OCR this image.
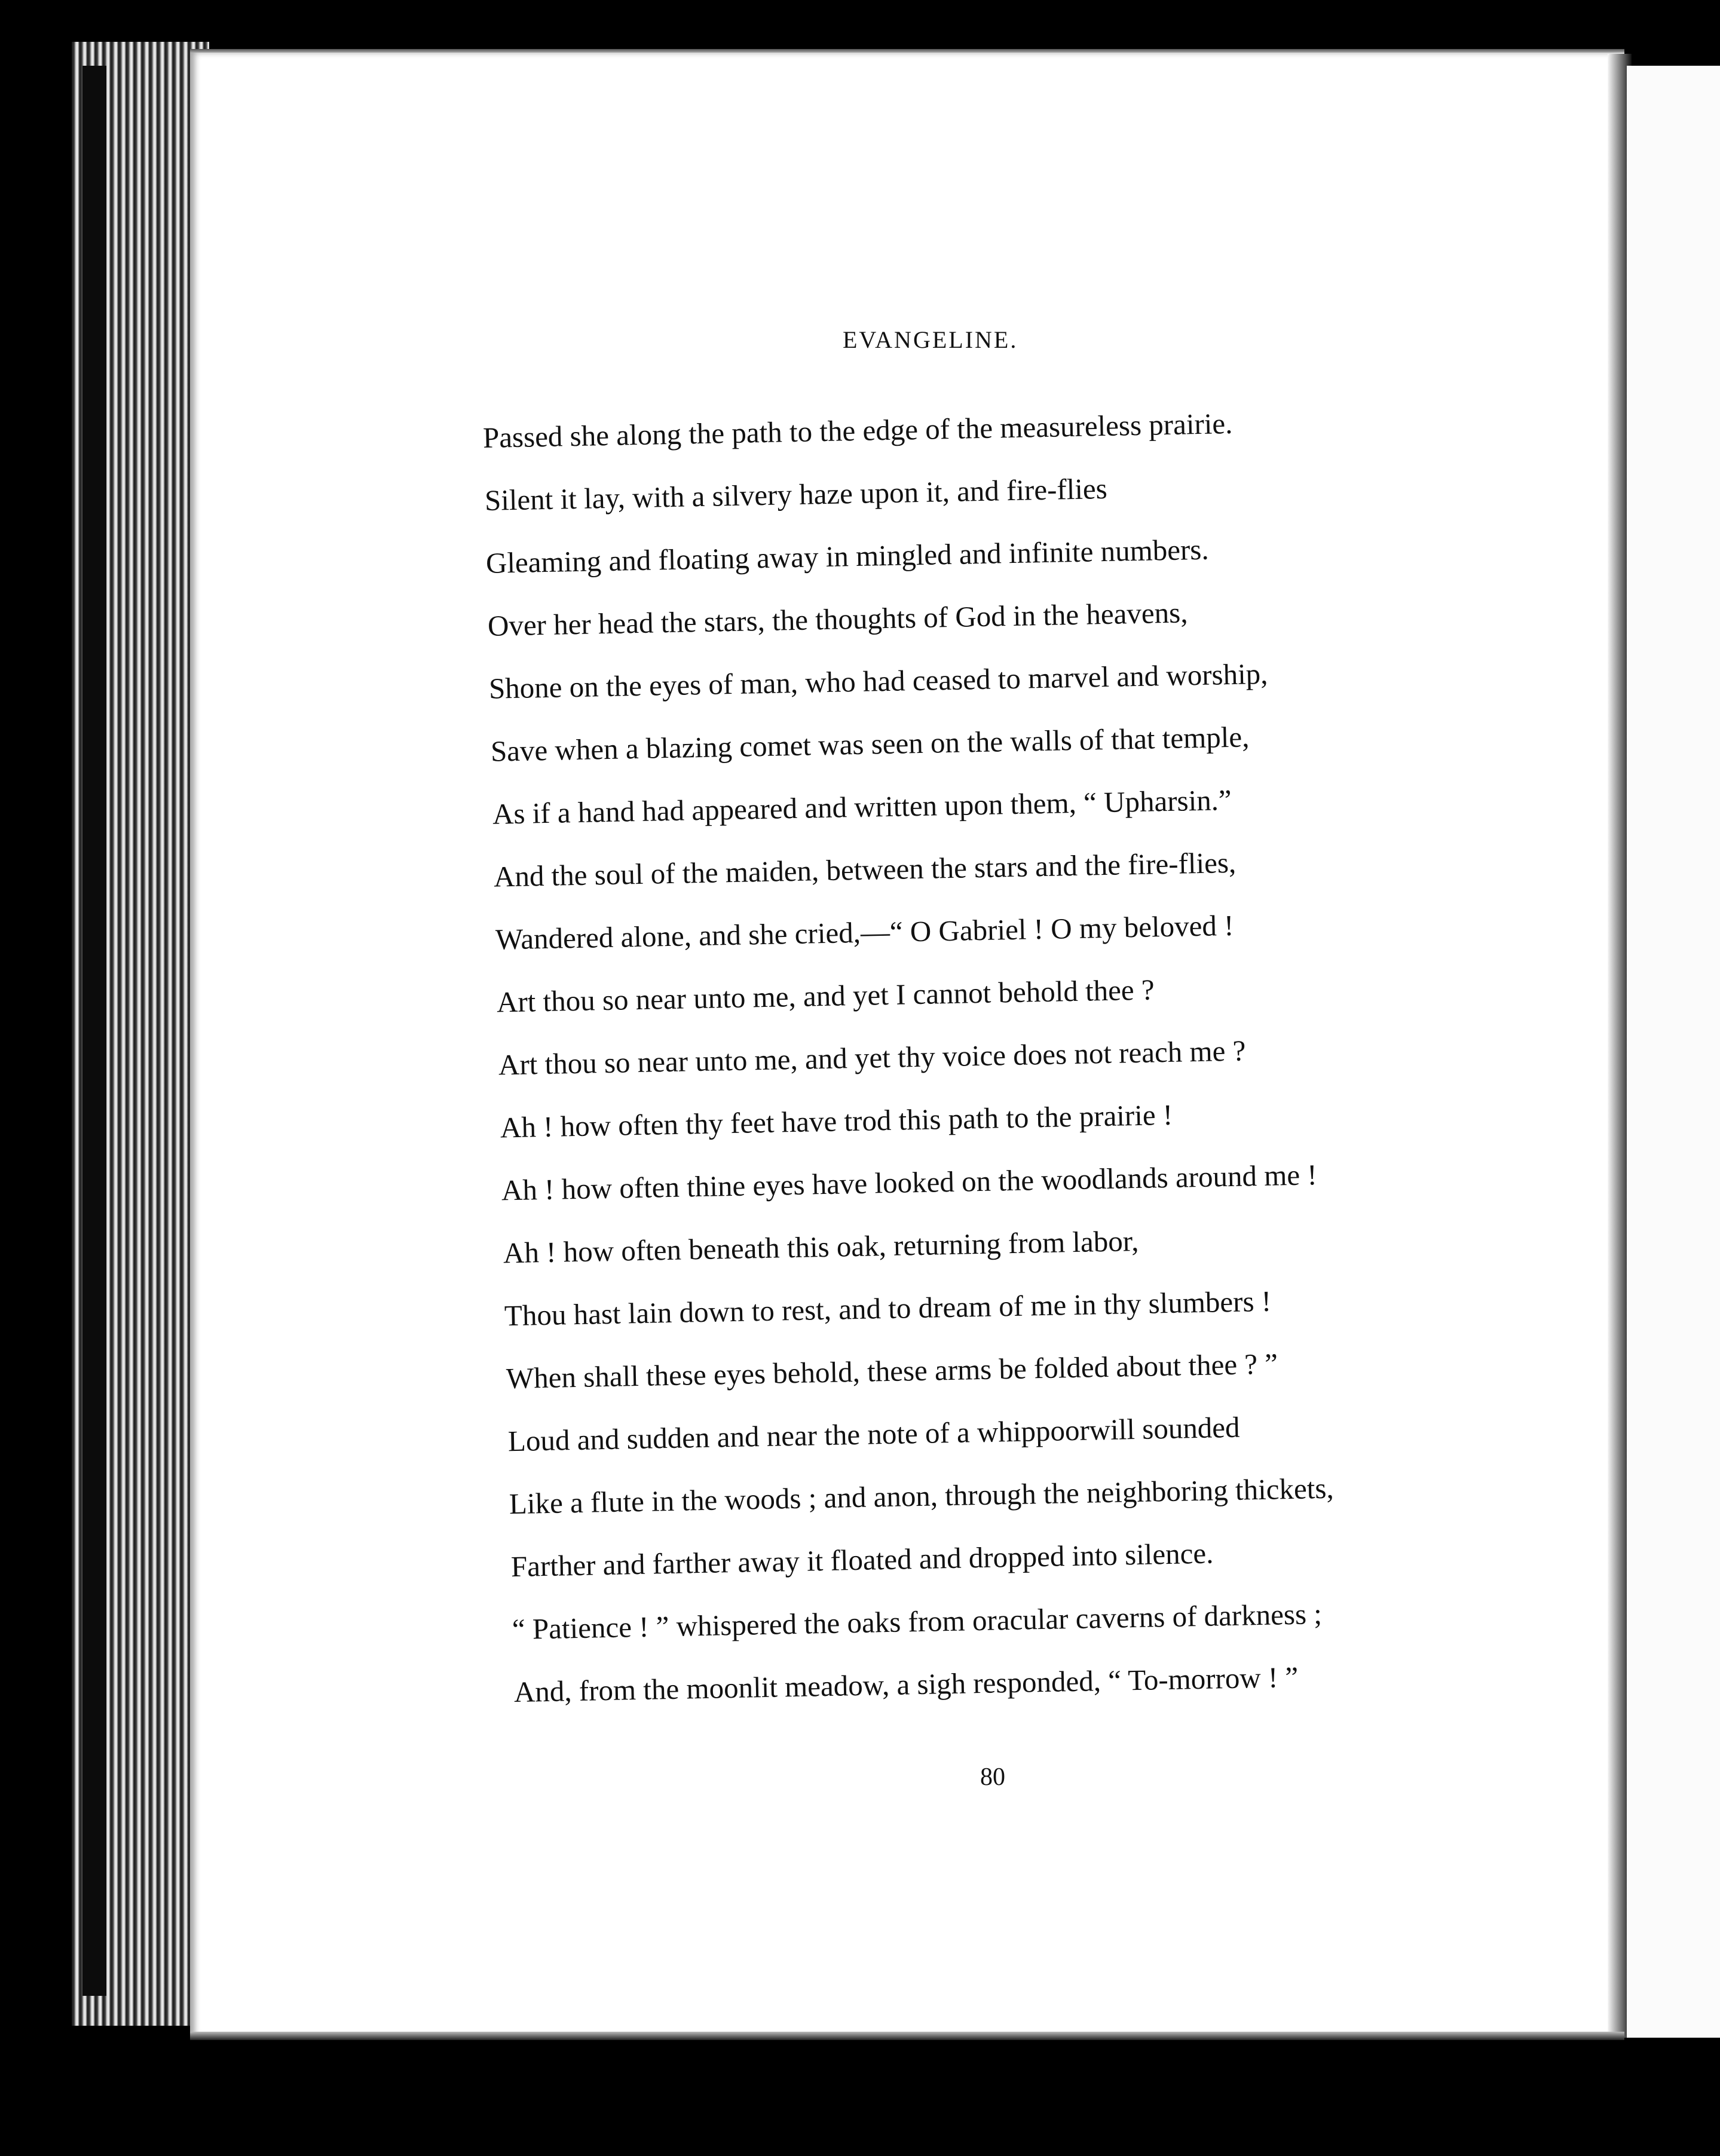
EVANGELINE.
Passed she along the path to the edge of the measureless prairie.
Silent it lay, with a silvery haze upon it, and fire-flies
Gleaming and floating away in mingled and infinite numbers.
Over her head the stars, the thoughts of God in the heavens,
Shone on the eyes of man, who had ceased to marvel and worship,
Save when a blazing comet was seen on the walls of that temple,
As if a hand had appeared and written upon them, “ Upharsin.”
And the soul of the maiden, between the stars and the fire-flies,
Wandered alone, and she cried,—“ O Gabriel ! O my beloved !
Art thou so near unto me, and yet I cannot behold thee ?
Art thou so near unto me, and yet thy voice does not reach me ?
Ah ! how often thy feet have trod this path to the prairie !
Ah ! how often thine eyes have looked on the woodlands around me !
Ah ! how often beneath this oak, returning from labor,
Thou hast lain down to rest, and to dream of me in thy slumbers !
When shall these eyes behold, these arms be folded about thee ? ”
Loud and sudden and near the note of a whippoorwill sounded
Like a flute in the woods ; and anon, through the neighboring thickets,
Farther and farther away it floated and dropped into silence.
“ Patience ! ” whispered the oaks from oracular caverns of darkness ;
And, from the moonlit meadow, a sigh responded, “ To-morrow ! ”
80
